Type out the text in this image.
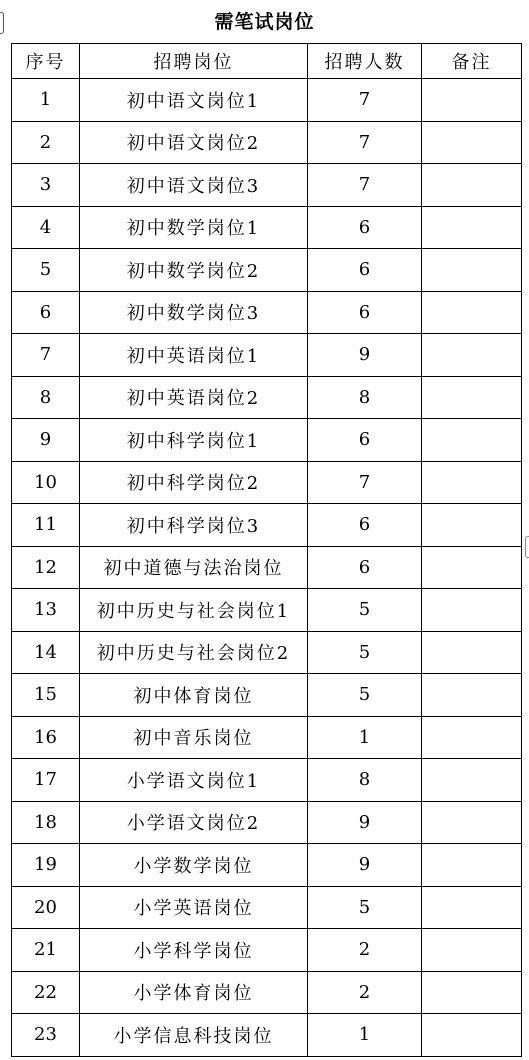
需笔试岗位
序号	招聘岗位	招聘人数	备注
1	初中语文岗位1	7	
2	初中语文岗位2	7	
3	初中语文岗位3	7	
4	初中数学岗位1	6	
5	初中数学岗位2	6	
6	初中数学岗位3	6	
7	初中英语岗位1	9	
8	初中英语岗位2	8	
9	初中科学岗位1	6	
10	初中科学岗位2	7	
11	初中科学岗位3	6	
12	初中道德与法治岗位	6	
13	初中历史与社会岗位1	5	
14	初中历史与社会岗位2	5	
15	初中体育岗位	5	
16	初中音乐岗位	1	
17	小学语文岗位1	8	
18	小学语文岗位2	9	
19	小学数学岗位	9	
20	小学英语岗位	5	
21	小学科学岗位	2	
22	小学体育岗位	2	
23	小学信息科技岗位	1	
